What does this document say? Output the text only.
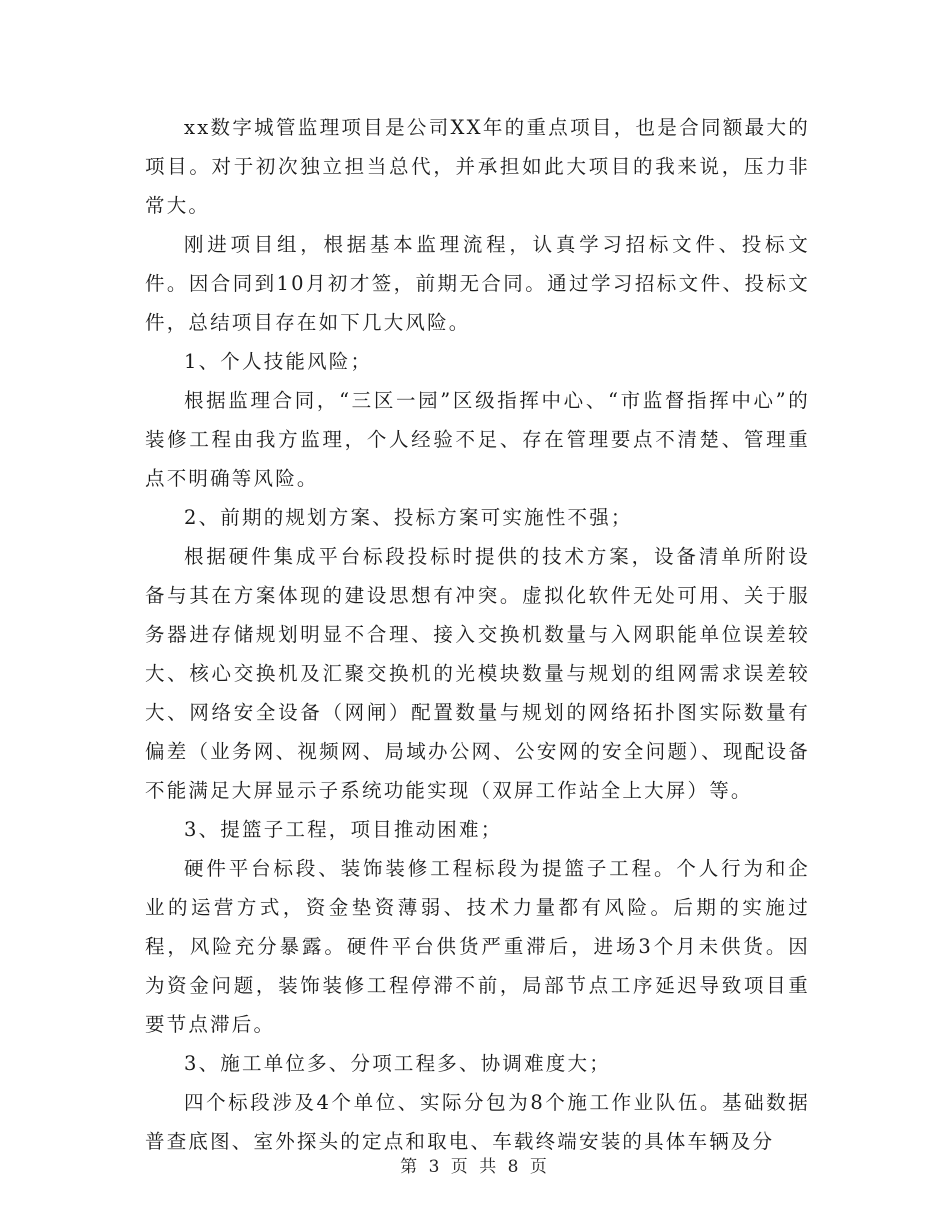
xx数字城管监理项目是公司XX年的重点项目，也是合同额最大的项目。对于初次独立担当总代，并承担如此大项目的我来说，压力非常大。

刚进项目组，根据基本监理流程，认真学习招标文件、投标文件。因合同到10月初才签，前期无合同。通过学习招标文件、投标文件，总结项目存在如下几大风险。

1、个人技能风险；

根据监理合同，“三区一园”区级指挥中心、“市监督指挥中心”的装修工程由我方监理，个人经验不足、存在管理要点不清楚、管理重点不明确等风险。

2、前期的规划方案、投标方案可实施性不强；

根据硬件集成平台标段投标时提供的技术方案，设备清单所附设备与其在方案体现的建设思想有冲突。虚拟化软件无处可用、关于服务器进存储规划明显不合理、接入交换机数量与入网职能单位误差较大、核心交换机及汇聚交换机的光模块数量与规划的组网需求误差较大、网络安全设备（网闸）配置数量与规划的网络拓扑图实际数量有偏差（业务网、视频网、局域办公网、公安网的安全问题）、现配设备不能满足大屏显示子系统功能实现（双屏工作站全上大屏）等。

3、提篮子工程，项目推动困难；

硬件平台标段、装饰装修工程标段为提篮子工程。个人行为和企业的运营方式，资金垫资薄弱、技术力量都有风险。后期的实施过程，风险充分暴露。硬件平台供货严重滞后，进场3个月未供货。因为资金问题，装饰装修工程停滞不前，局部节点工序延迟导致项目重要节点滞后。

3、施工单位多、分项工程多、协调难度大；

四个标段涉及4个单位、实际分包为8个施工作业队伍。基础数据普查底图、室外探头的定点和取电、车载终端安装的具体车辆及分

第 3 页 共 8 页
